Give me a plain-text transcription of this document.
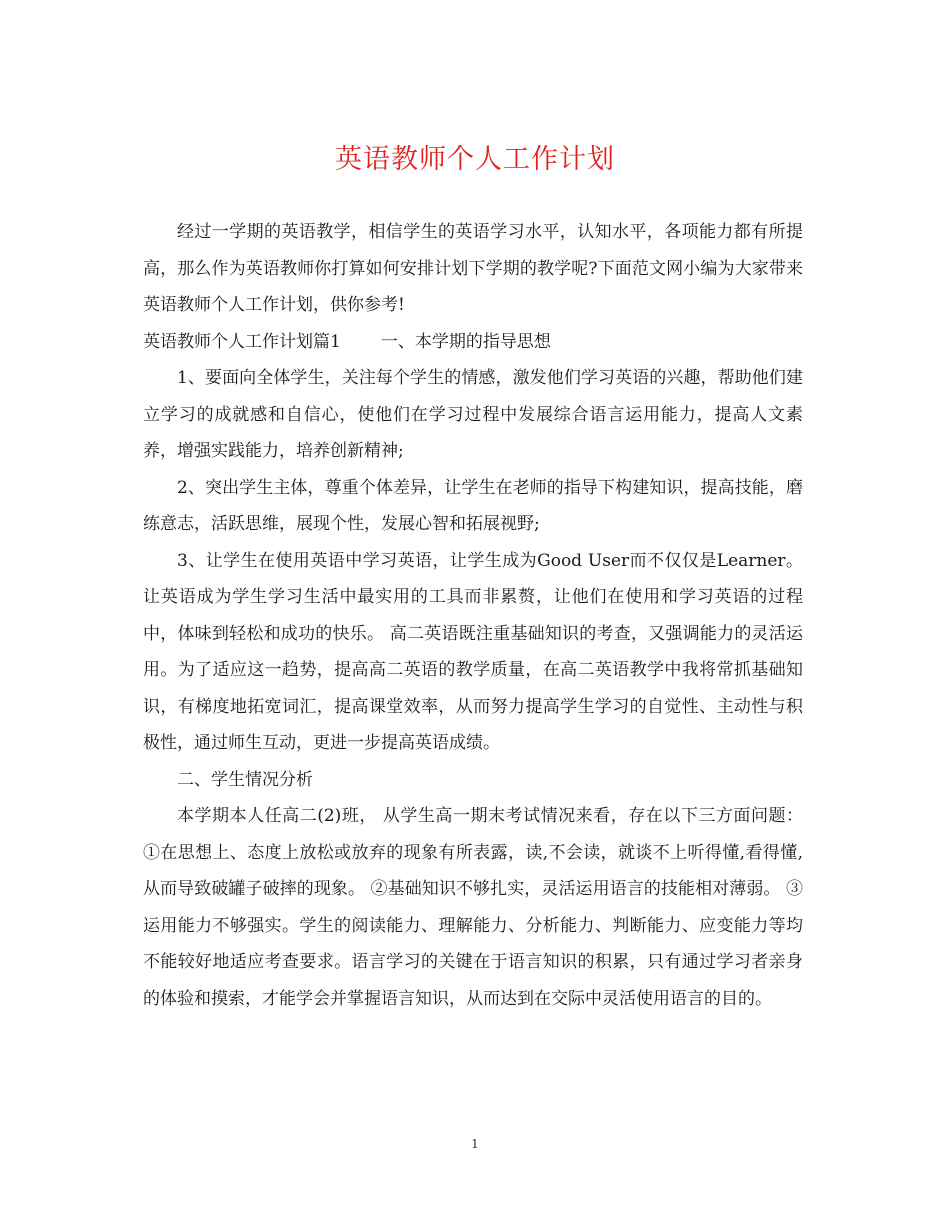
英语教师个人工作计划

经过一学期的英语教学，相信学生的英语学习水平，认知水平，各项能力都有所提高，那么作为英语教师你打算如何安排计划下学期的教学呢?下面范文网小编为大家带来英语教师个人工作计划，供你参考!

英语教师个人工作计划篇1 一、本学期的指导思想

1、要面向全体学生，关注每个学生的情感，激发他们学习英语的兴趣，帮助他们建立学习的成就感和自信心，使他们在学习过程中发展综合语言运用能力，提高人文素养，增强实践能力，培养创新精神;

2、突出学生主体，尊重个体差异，让学生在老师的指导下构建知识，提高技能，磨练意志，活跃思维，展现个性，发展心智和拓展视野;

3、让学生在使用英语中学习英语，让学生成为Good User而不仅仅是Learner。让英语成为学生学习生活中最实用的工具而非累赘，让他们在使用和学习英语的过程中，体味到轻松和成功的快乐。 高二英语既注重基础知识的考查，又强调能力的灵活运用。为了适应这一趋势，提高高二英语的教学质量，在高二英语教学中我将常抓基础知识，有梯度地拓宽词汇，提高课堂效率，从而努力提高学生学习的自觉性、主动性与积极性，通过师生互动，更进一步提高英语成绩。

二、学生情况分析

本学期本人任高二(2)班， 从学生高一期末考试情况来看，存在以下三方面问题： ①在思想上、态度上放松或放弃的现象有所表露，读,不会读，就谈不上听得懂,看得懂,从而导致破罐子破摔的现象。 ②基础知识不够扎实，灵活运用语言的技能相对薄弱。 ③运用能力不够强实。学生的阅读能力、理解能力、分析能力、判断能力、应变能力等均不能较好地适应考查要求。语言学习的关键在于语言知识的积累，只有通过学习者亲身的体验和摸索，才能学会并掌握语言知识，从而达到在交际中灵活使用语言的目的。

1
